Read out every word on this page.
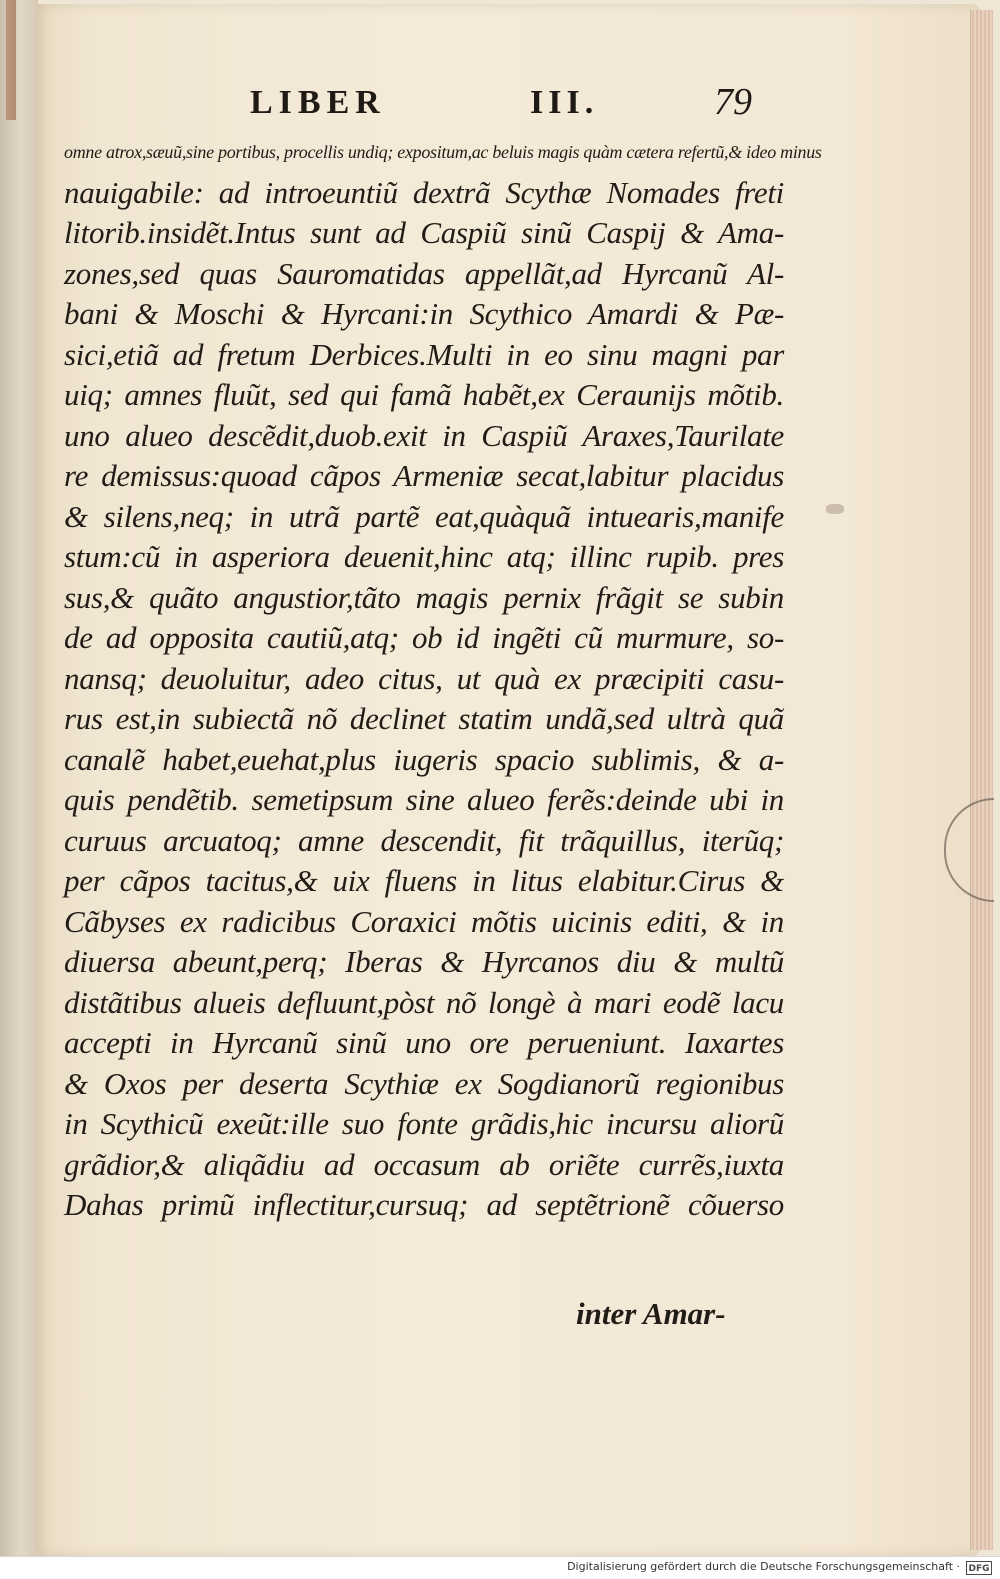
LIBER	III.	79
omne atrox,sæuũ,sine portibus, procellis undiq; expositum,ac beluis magis quàm cætera refertũ,& ideo minus
nauigabile: ad introeuntiũ dextrã Scythæ Nomades freti
litorib.insidẽt.Intus sunt ad Caspiũ sinũ Caspij & Ama-
zones,sed quas Sauromatidas appellãt,ad Hyrcanũ Al-
bani & Moschi & Hyrcani:in Scythico Amardi & Pæ-
sici,etiã ad fretum Derbices.Multi in eo sinu magni par
uiq; amnes fluũt, sed qui famã habẽt,ex Ceraunijs mõtib.
uno alueo descẽdit,duob.exit in Caspiũ Araxes,Taurilate
re demissus:quoad cãpos Armeniæ secat,labitur placidus
& silens,neq; in utrã partẽ eat,quàquã intuearis,manife
stum:cũ in asperiora deuenit,hinc atq; illinc rupib. pres
sus,& quãto angustior,tãto magis pernix frãgit se subin
de ad opposita cautiũ,atq; ob id ingẽti cũ murmure, so-
nansq; deuoluitur, adeo citus, ut quà ex præcipiti casu-
rus est,in subiectã nõ declinet statim undã,sed ultrà quã
canalẽ habet,euehat,plus iugeris spacio sublimis, & a-
quis pendẽtib. semetipsum sine alueo ferẽs:deinde ubi in
curuus arcuatoq; amne descendit, fit trãquillus, iterũq;
per cãpos tacitus,& uix fluens in litus elabitur.Cirus &
Cãbyses ex radicibus Coraxici mõtis uicinis editi, & in
diuersa abeunt,perq; Iberas & Hyrcanos diu & multũ
distãtibus alueis defluunt,pòst nõ longè à mari eodẽ lacu
accepti in Hyrcanũ sinũ uno ore perueniunt. Iaxartes
& Oxos per deserta Scythiæ ex Sogdianorũ regionibus
in Scythicũ exeũt:ille suo fonte grãdis,hic incursu aliorũ
grãdior,& aliqãdiu ad occasum ab oriẽte currẽs,iuxta
Dahas primũ inflectitur,cursuq; ad septẽtrionẽ cõuerso
inter Amar-
Digitalisierung gefördert durch die Deutsche Forschungsgemeinschaft · DFG
